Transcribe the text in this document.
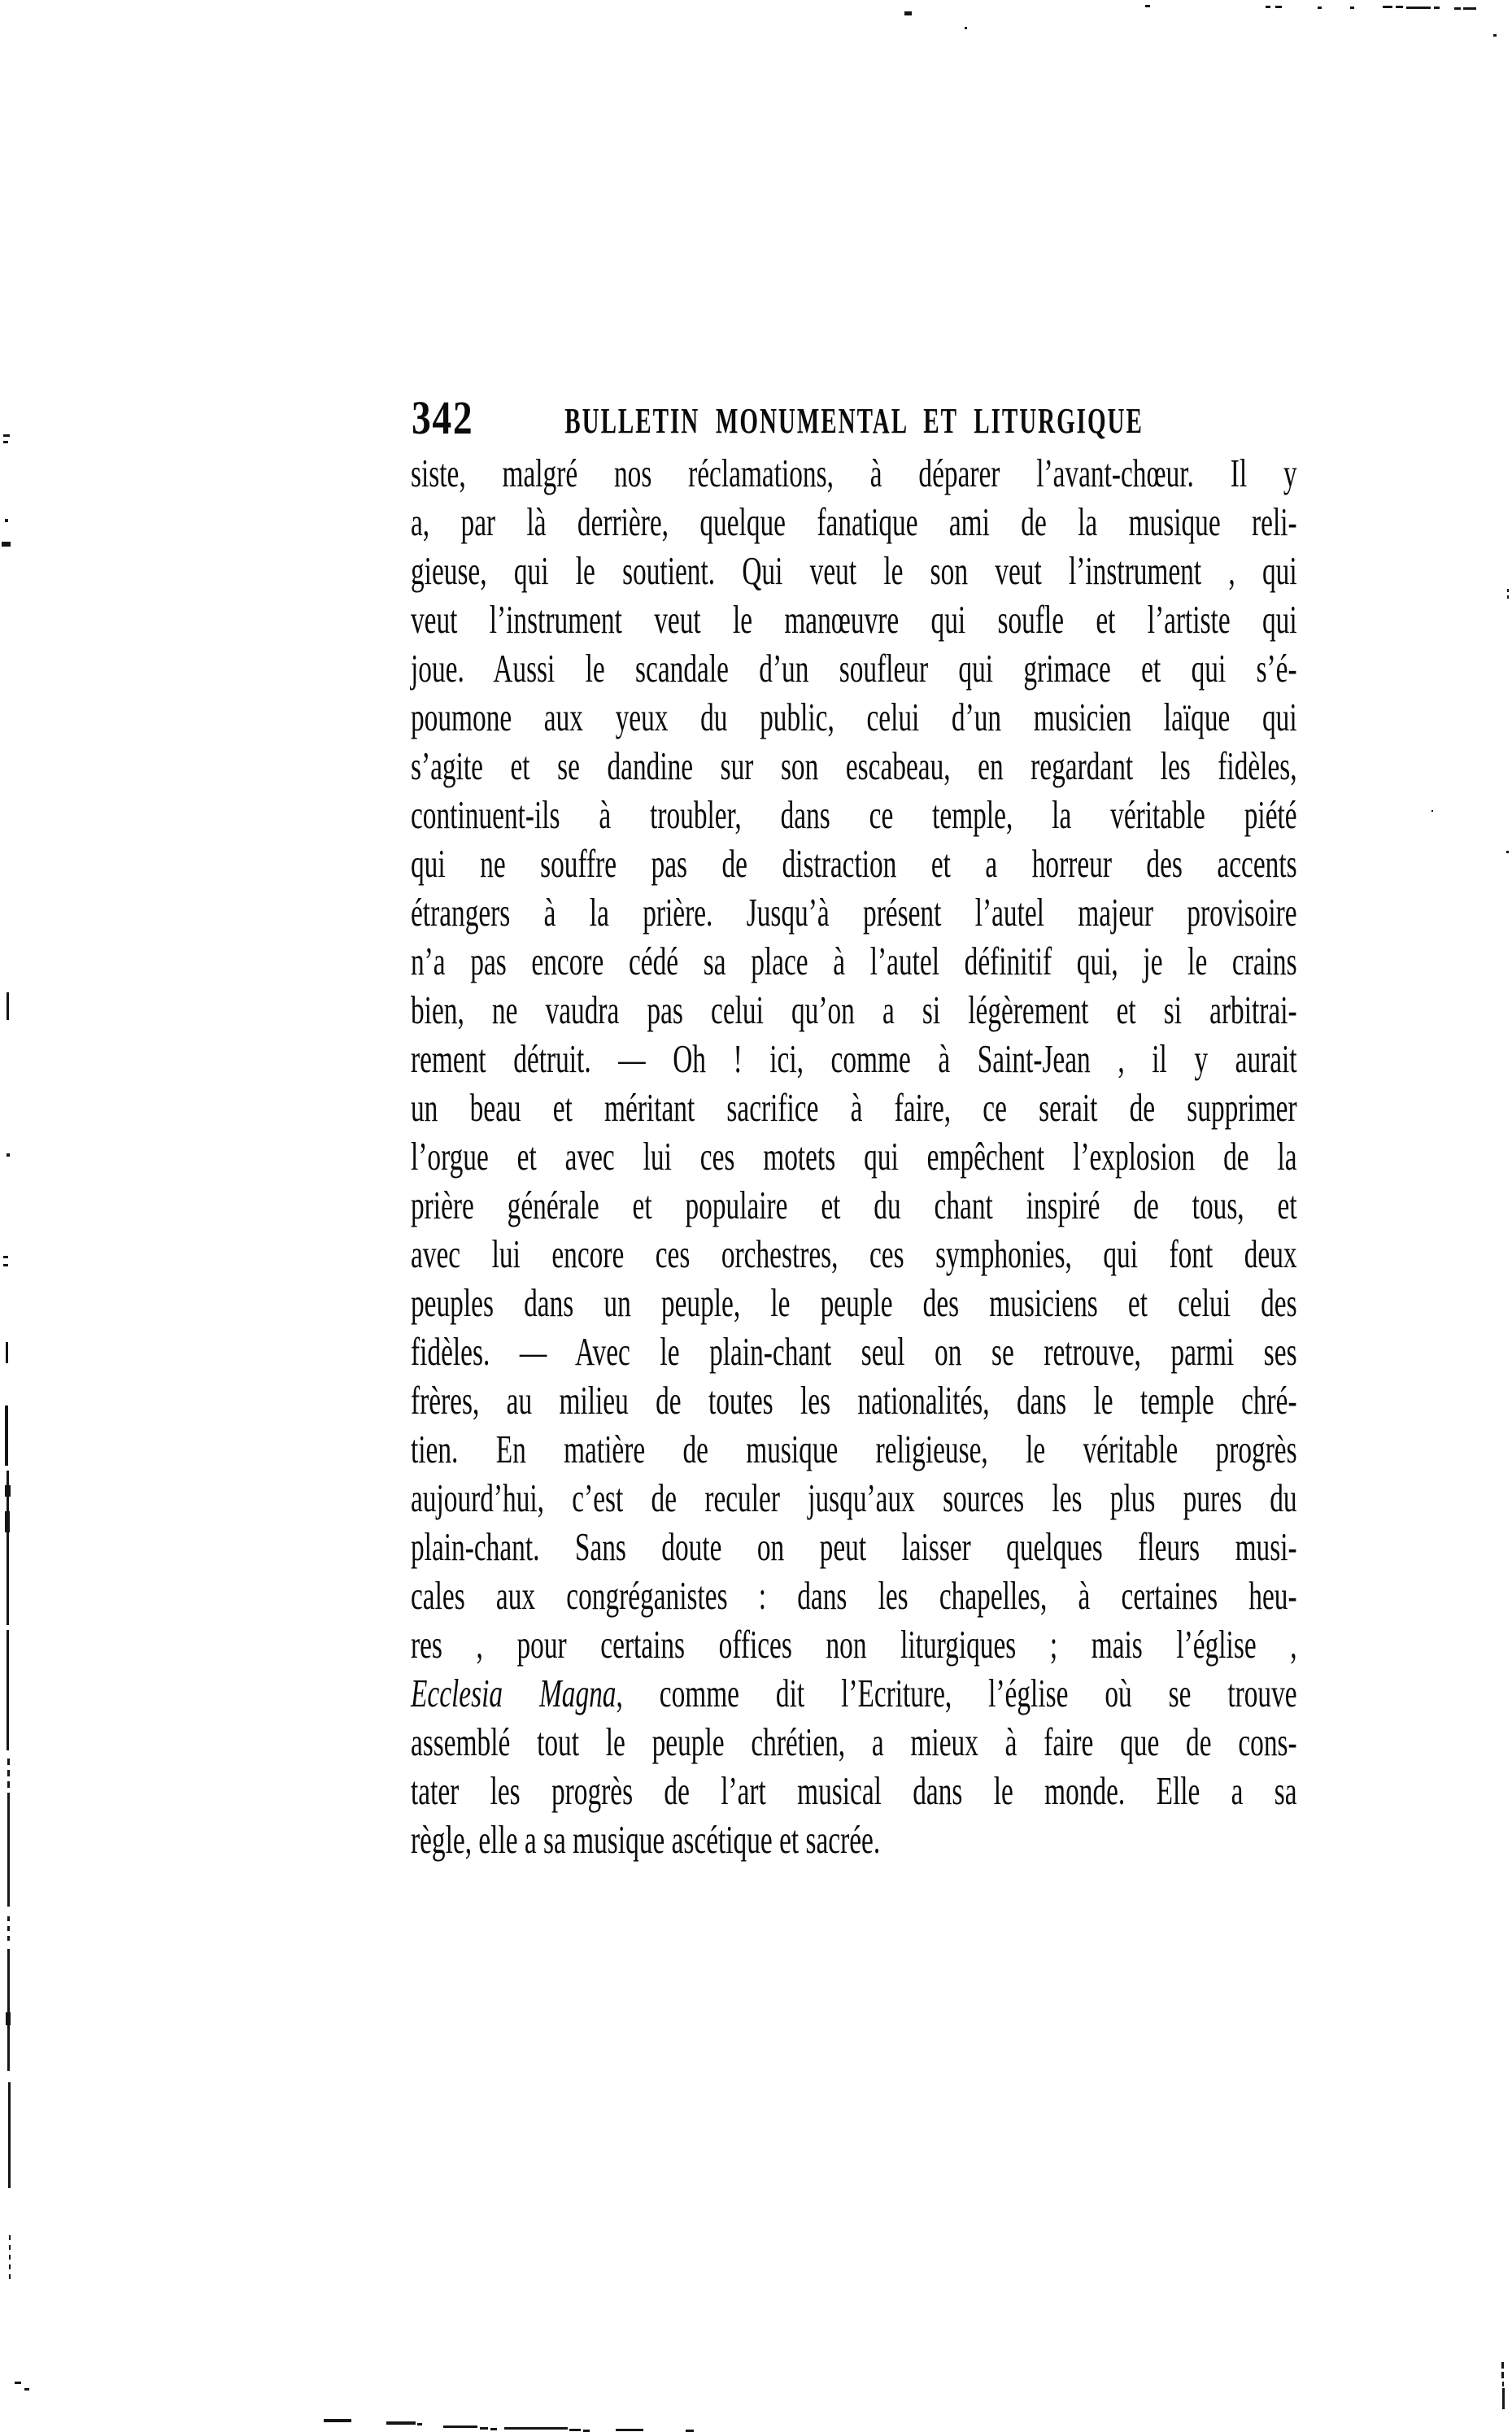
342	BULLETIN MONUMENTAL ET LITURGIQUE
siste, malgré nos réclamations, à déparer l’avant-chœur. Il y
a, par là derrière, quelque fanatique ami de la musique reli-
gieuse, qui le soutient. Qui veut le son veut l’instrument , qui
veut l’instrument veut le manœuvre qui soufle et l’artiste qui
joue. Aussi le scandale d’un soufleur qui grimace et qui s’é-
poumone aux yeux du public, celui d’un musicien laïque qui
s’agite et se dandine sur son escabeau, en regardant les fidèles,
continuent-ils à troubler, dans ce temple, la véritable piété
qui ne souffre pas de distraction et a horreur des accents
étrangers à la prière. Jusqu’à présent l’autel majeur provisoire
n’a pas encore cédé sa place à l’autel définitif qui, je le crains
bien, ne vaudra pas celui qu’on a si légèrement et si arbitrai-
rement détruit. — Oh ! ici, comme à Saint-Jean , il y aurait
un beau et méritant sacrifice à faire, ce serait de supprimer
l’orgue et avec lui ces motets qui empêchent l’explosion de la
prière générale et populaire et du chant inspiré de tous, et
avec lui encore ces orchestres, ces symphonies, qui font deux
peuples dans un peuple, le peuple des musiciens et celui des
fidèles. — Avec le plain-chant seul on se retrouve, parmi ses
frères, au milieu de toutes les nationalités, dans le temple chré-
tien. En matière de musique religieuse, le véritable progrès
aujourd’hui, c’est de reculer jusqu’aux sources les plus pures du
plain-chant. Sans doute on peut laisser quelques fleurs musi-
cales aux congréganistes : dans les chapelles, à certaines heu-
res , pour certains offices non liturgiques ; mais l’église ,
Ecclesia Magna, comme dit l’Ecriture, l’église où se trouve
assemblé tout le peuple chrétien, a mieux à faire que de cons-
tater les progrès de l’art musical dans le monde. Elle a sa
règle, elle a sa musique ascétique et sacrée.
